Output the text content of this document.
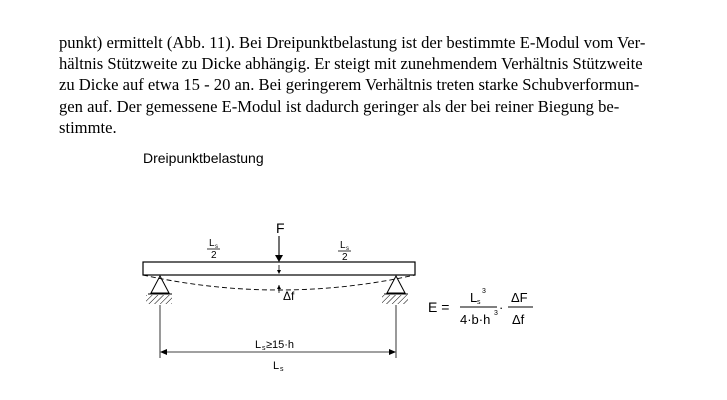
punkt) ermittelt (Abb. 11). Bei Dreipunktbelastung ist der bestimmte E-Modul vom Ver-
hältnis Stützweite zu Dicke abhängig. Er steigt mit zunehmendem Verhältnis Stützweite
zu Dicke auf etwa 15 - 20 an. Bei geringerem Verhältnis treten starke Schubverformun-
gen auf. Der gemessene E-Modul ist dadurch geringer als der bei reiner Biegung be-
stimmte.
Dreipunktbelastung
F
L s
2
L s
2
Δf
L s ≥15·h
L s
E =
L s
3
4·b·h 3 ·
ΔF
Δf
